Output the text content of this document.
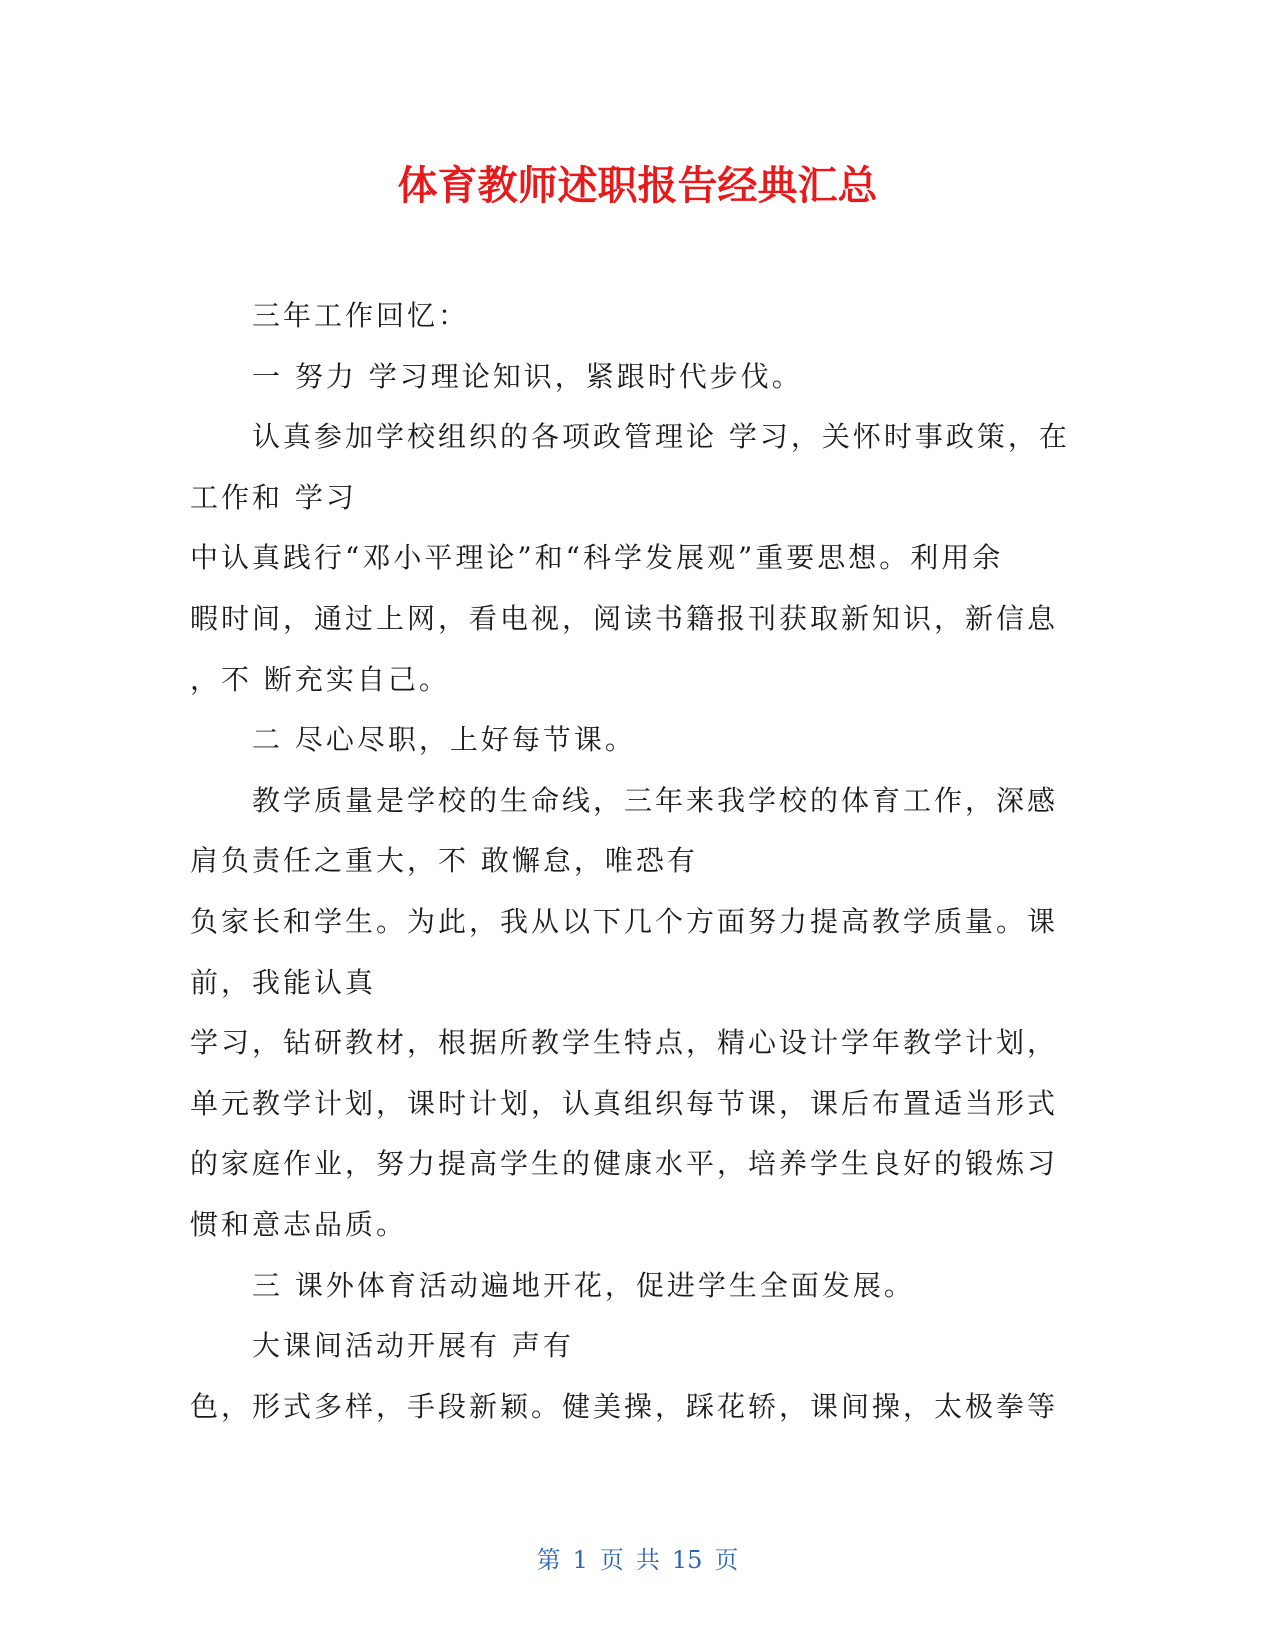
体育教师述职报告经典汇总
三年工作回忆：
一 努力 学习理论知识，紧跟时代步伐。
认真参加学校组织的各项政管理论 学习，关怀时事政策，在
工作和 学习
中认真践行“邓小平理论”和“科学发展观”重要思想。利用余
暇时间，通过上网，看电视，阅读书籍报刊获取新知识，新信息
，不 断充实自己。
二 尽心尽职，上好每节课。
教学质量是学校的生命线，三年来我学校的体育工作，深感
肩负责任之重大，不 敢懈怠，唯恐有
负家长和学生。为此，我从以下几个方面努力提高教学质量。课
前，我能认真
学习，钻研教材，根据所教学生特点，精心设计学年教学计划，
单元教学计划，课时计划，认真组织每节课，课后布置适当形式
的家庭作业，努力提高学生的健康水平，培养学生良好的锻炼习
惯和意志品质。
三 课外体育活动遍地开花，促进学生全面发展。
大课间活动开展有 声有
色，形式多样，手段新颖。健美操，踩花轿，课间操，太极拳等
第 1 页 共 15 页
